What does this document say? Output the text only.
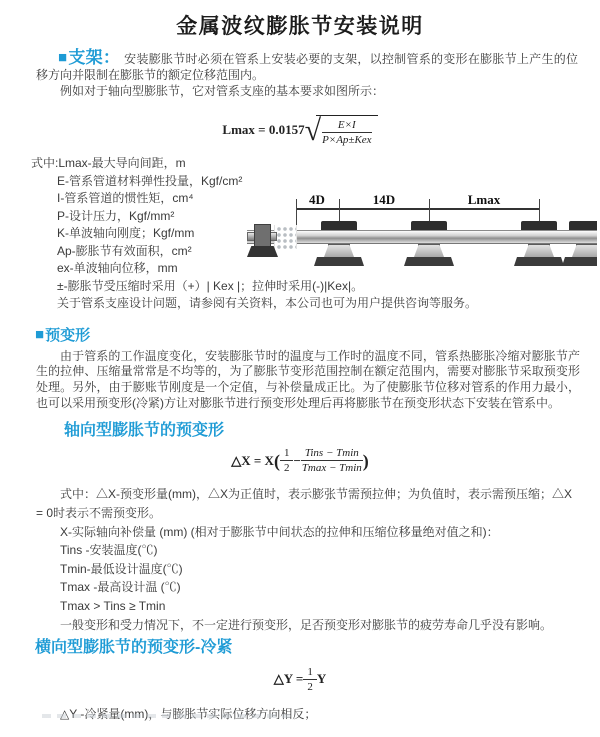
金属波纹膨胀节安装说明

■支架： 安装膨胀节时必须在管系上安装必要的支架，以控制管系的变形在膨胀节上产生的位移方向并限制在膨胀节的额定位移范围内。

例如对于轴向型膨胀节，它对管系支座的基本要求如图所示：

Lmax = 0.0157 √ $\frac{E\times I}{\text{P×Ap±Kex}}$
式中:Lmax-最大导向间距，m
E-管系管道材料弹性投量，Kgf/cm²
I-管系管道的惯性矩，cm⁴
P-设计压力，Kgf/mm²
K-单波轴向刚度；Kgf/mm
Ap-膨胀节有效面积，cm²
ex-单波轴向位移，mm
±-膨胀节受压缩时采用（+）| Kex |；拉伸时采用(-)|Kex|。
关于管系支座设计问题，请参阅有关资料，本公司也可为用户提供咨询等服务。
4D	14D	Lmax
■预变形

由于管系的工作温度变化，安装膨胀节时的温度与工作时的温度不同，管系热膨胀冷缩对膨胀节产生的拉伸、压缩量常常是不均等的，为了膨胀节变形范围控制在额定范围内，需要对膨胀节采取预变形处理。另外，由于膨账节刚度是一个定值，与补偿量成正比。为了使膨胀节位移对管系的作用力最小，也可以采用预变形(冷紧)方让对膨胀节进行预变形处理后再将膨胀节在预变形状态下安装在管系中。

轴向型膨胀节的预变形
△X = X ( $\frac{1}{2} - \frac{\text{Tins − Tmin}}{Tmax - Tmin}$ )

式中：△X-预变形量(mm)，△X为正值时，表示膨张节需预拉伸；为负值时，表示需预压缩；△X = 0时表示不需预变形。

X-实际轴向补偿量 (mm) (相对于膨胀节中间状态的拉伸和压缩位移量绝对值之和)：
Tins -安装温度(℃)
Tmin-最低设计温度(℃)
Tmax -最高设计温 (℃)
Tmax > Tins ≥ Tmin
一般变形和受力情况下，不一定进行预变形，足否预变形对膨胀节的疲劳寿命几乎没有影响。
横向型膨胀节的预变形-冷紧
△Y = $\frac{1}{2}$ Y
△Y -冷紧量(mm)，与膨胀节实际位移方向相反；
